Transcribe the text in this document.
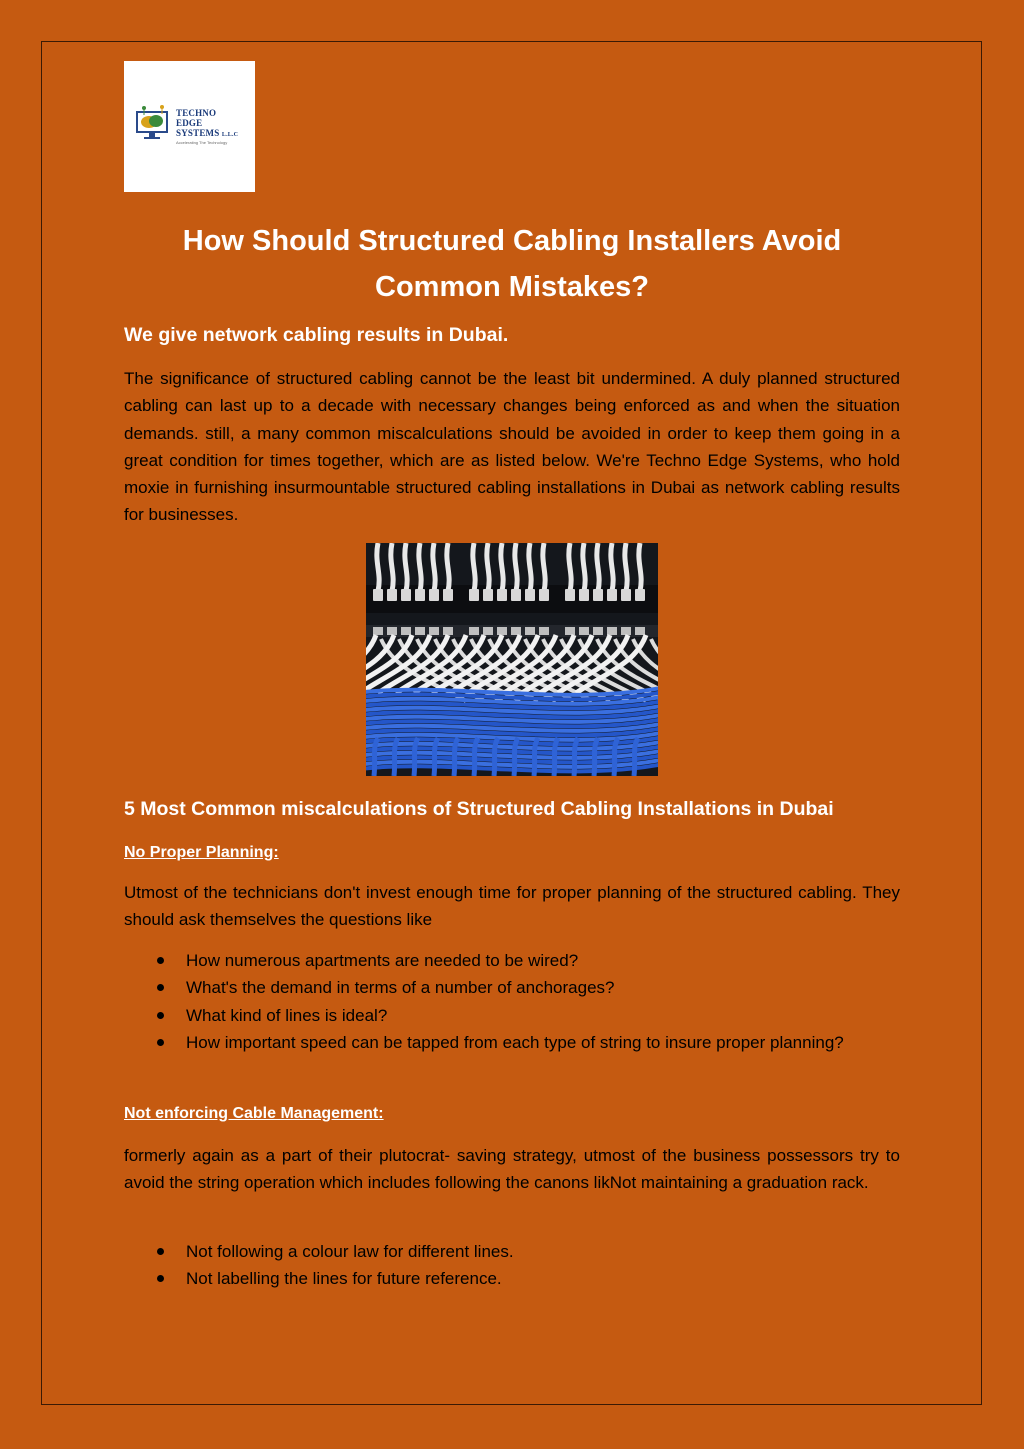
TECHNO
EDGE
SYSTEMS L.L.C
Accelerating The Technology
How Should Structured Cabling Installers Avoid Common Mistakes?
We give network cabling results in Dubai.

The significance of structured cabling cannot be the least bit undermined. A duly planned structured cabling can last up to a decade with necessary changes being enforced as and when the situation demands. still, a many common miscalculations should be avoided in order to keep them going in a great condition for times together, which are as listed below. We're Techno Edge Systems, who hold moxie in furnishing insurmountable structured cabling installations in Dubai as network cabling results for businesses.

5 Most Common miscalculations of Structured Cabling Installations in Dubai
No Proper Planning:

Utmost of the technicians don't invest enough time for proper planning of the structured cabling. They should ask themselves the questions like

How numerous apartments are needed to be wired?
What's the demand in terms of a number of anchorages?
What kind of lines is ideal?
How important speed can be tapped from each type of string to insure proper planning?
Not enforcing Cable Management:

formerly again as a part of their plutocrat- saving strategy, utmost of the business possessors try to avoid the string operation which includes following the canons likNot maintaining a graduation rack.

Not following a colour law for different lines.
Not labelling the lines for future reference.
